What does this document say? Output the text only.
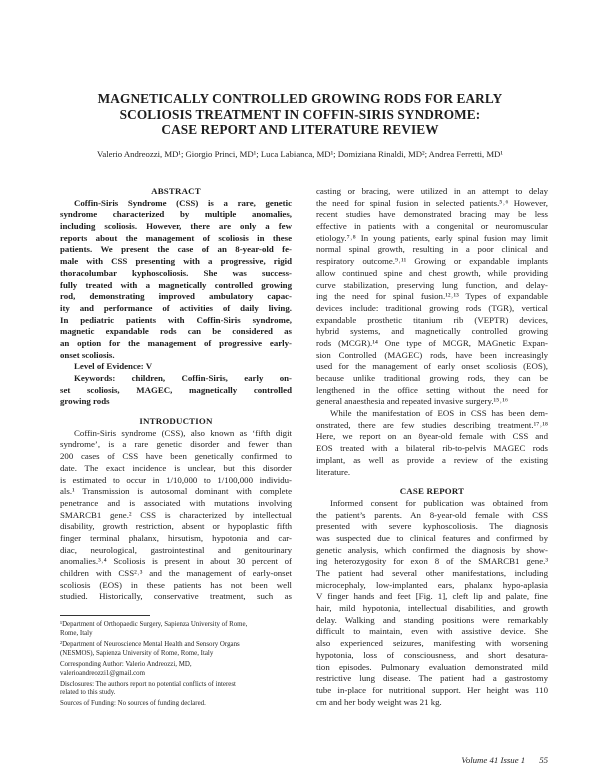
MAGNETICALLY CONTROLLED GROWING RODS FOR EARLY
SCOLIOSIS TREATMENT IN COFFIN-SIRIS SYNDROME:
CASE REPORT AND LITERATURE REVIEW
Valerio Andreozzi, MD¹; Giorgio Princi, MD¹; Luca Labianca, MD¹; Domiziana Rinaldi, MD²; Andrea Ferretti, MD¹
ABSTRACT
Coffin-Siris Syndrome (CSS) is a rare, genetic
syndrome characterized by multiple anomalies,
including scoliosis. However, there are only a few
reports about the management of scoliosis in these
patients. We present the case of an 8-year-old fe-
male with CSS presenting with a progressive, rigid
thoracolumbar kyphoscoliosis. She was success-
fully treated with a magnetically controlled growing
rod, demonstrating improved ambulatory capac-
ity and performance of activities of daily living.
In pediatric patients with Coffin-Siris syndrome,
magnetic expandable rods can be considered as
an option for the management of progressive early-
onset scoliosis.
Level of Evidence: V
Keywords: children, Coffin-Siris, early on-
set scoliosis, MAGEC, magnetically controlled
growing rods
INTRODUCTION
Coffin-Siris syndrome (CSS), also known as ‘fifth digit
syndrome’, is a rare genetic disorder and fewer than
200 cases of CSS have been genetically confirmed to
date. The exact incidence is unclear, but this disorder
is estimated to occur in 1/10,000 to 1/100,000 individu-
als.¹ Transmission is autosomal dominant with complete
penetrance and is associated with mutations involving
SMARCB1 gene.² CSS is characterized by intellectual
disability, growth restriction, absent or hypoplastic fifth
finger terminal phalanx, hirsutism, hypotonia and car-
diac, neurological, gastrointestinal and genitourinary
anomalies.³˒⁴ Scoliosis is present in about 30 percent of
children with CSS²˒³ and the management of early-onset
scoliosis (EOS) in these patients has not been well
studied. Historically, conservative treatment, such as
¹Department of Orthopaedic Surgery, Sapienza University of Rome,
Rome, Italy
²Department of Neuroscience Mental Health and Sensory Organs
(NESMOS), Sapienza University of Rome, Rome, Italy
Corresponding Author: Valerio Andreozzi, MD,
valerioandreozzi1@gmail.com
Disclosures: The authors report no potential conflicts of interest
related to this study.
Sources of Funding: No sources of funding declared.
casting or bracing, were utilized in an attempt to delay
the need for spinal fusion in selected patients.⁵˒⁶ However,
recent studies have demonstrated bracing may be less
effective in patients with a congenital or neuromuscular
etiology.⁷˒⁸ In young patients, early spinal fusion may limit
normal spinal growth, resulting in a poor clinical and
respiratory outcome.⁹˒¹¹ Growing or expandable implants
allow continued spine and chest growth, while providing
curve stabilization, preserving lung function, and delay-
ing the need for spinal fusion.¹²˒¹³ Types of expandable
devices include: traditional growing rods (TGR), vertical
expandable prosthetic titanium rib (VEPTR) devices,
hybrid systems, and magnetically controlled growing
rods (MCGR).¹⁴ One type of MCGR, MAGnetic Expan-
sion Controlled (MAGEC) rods, have been increasingly
used for the management of early onset scoliosis (EOS),
because unlike traditional growing rods, they can be
lengthened in the office setting without the need for
general anaesthesia and repeated invasive surgery.¹⁵˒¹⁶
While the manifestation of EOS in CSS has been dem-
onstrated, there are few studies describing treatment.¹⁷˒¹⁸
Here, we report on an 8year-old female with CSS and
EOS treated with a bilateral rib-to-pelvis MAGEC rods
implant, as well as provide a review of the existing
literature.
CASE REPORT
Informed consent for publication was obtained from
the patient’s parents. An 8-year-old female with CSS
presented with severe kyphoscoliosis. The diagnosis
was suspected due to clinical features and confirmed by
genetic analysis, which confirmed the diagnosis by show-
ing heterozygosity for exon 8 of the SMARCB1 gene.³
The patient had several other manifestations, including
microcephaly, low-implanted ears, phalanx hypo-aplasia
V finger hands and feet [Fig. 1], cleft lip and palate, fine
hair, mild hypotonia, intellectual disabilities, and growth
delay. Walking and standing positions were remarkably
difficult to maintain, even with assistive device. She
also experienced seizures, manifesting with worsening
hypotonia, loss of consciousness, and short desatura-
tion episodes. Pulmonary evaluation demonstrated mild
restrictive lung disease. The patient had a gastrostomy
tube in-place for nutritional support. Her height was 110
cm and her body weight was 21 kg.
Volume 41 Issue 1 55
